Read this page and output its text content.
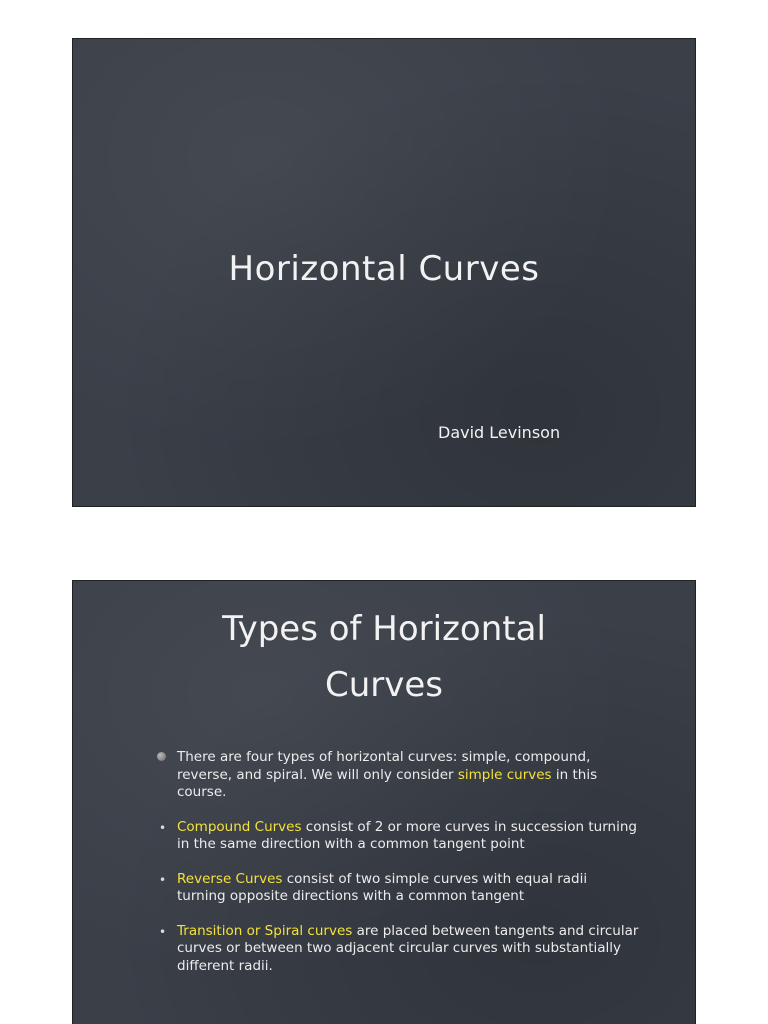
Horizontal Curves
David Levinson
Types of Horizontal
Curves
There are four types of horizontal curves: simple, compound, reverse, and spiral. We will only consider simple curves in this course.
• Compound Curves consist of 2 or more curves in succession turning in the same direction with a common tangent point
• Reverse Curves consist of two simple curves with equal radii turning opposite directions with a common tangent
• Transition or Spiral curves are placed between tangents and circular curves or between two adjacent circular curves with substantially different radii.
